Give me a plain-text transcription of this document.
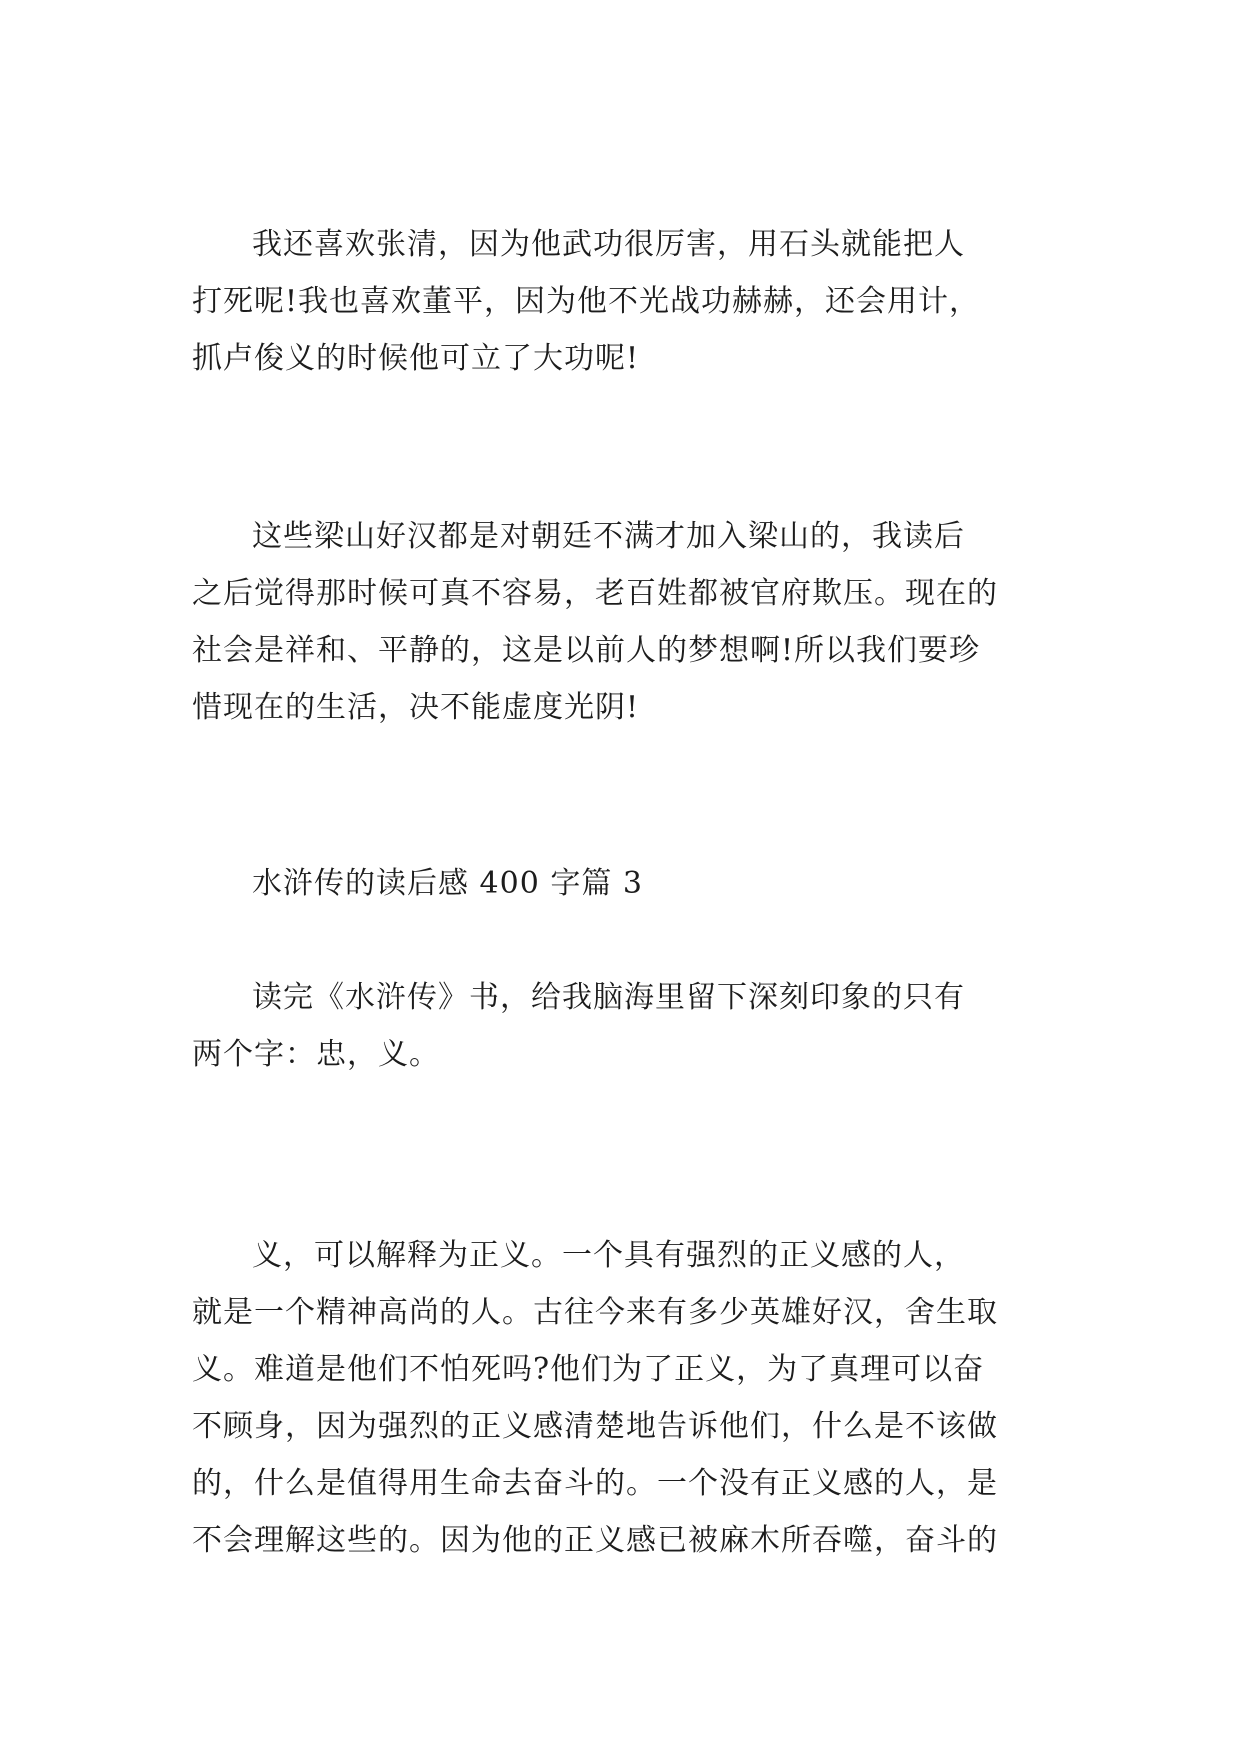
我还喜欢张清，因为他武功很厉害，用石头就能把人
打死呢!我也喜欢董平，因为他不光战功赫赫，还会用计，
抓卢俊义的时候他可立了大功呢!
这些梁山好汉都是对朝廷不满才加入梁山的，我读后
之后觉得那时候可真不容易，老百姓都被官府欺压。现在的
社会是祥和、平静的，这是以前人的梦想啊!所以我们要珍
惜现在的生活，决不能虚度光阴!
水浒传的读后感 400 字篇 3
读完《水浒传》书，给我脑海里留下深刻印象的只有
两个字：忠，义。
义，可以解释为正义。一个具有强烈的正义感的人，
就是一个精神高尚的人。古往今来有多少英雄好汉，舍生取
义。难道是他们不怕死吗?他们为了正义，为了真理可以奋
不顾身，因为强烈的正义感清楚地告诉他们，什么是不该做
的，什么是值得用生命去奋斗的。一个没有正义感的人，是
不会理解这些的。因为他的正义感已被麻木所吞噬，奋斗的
